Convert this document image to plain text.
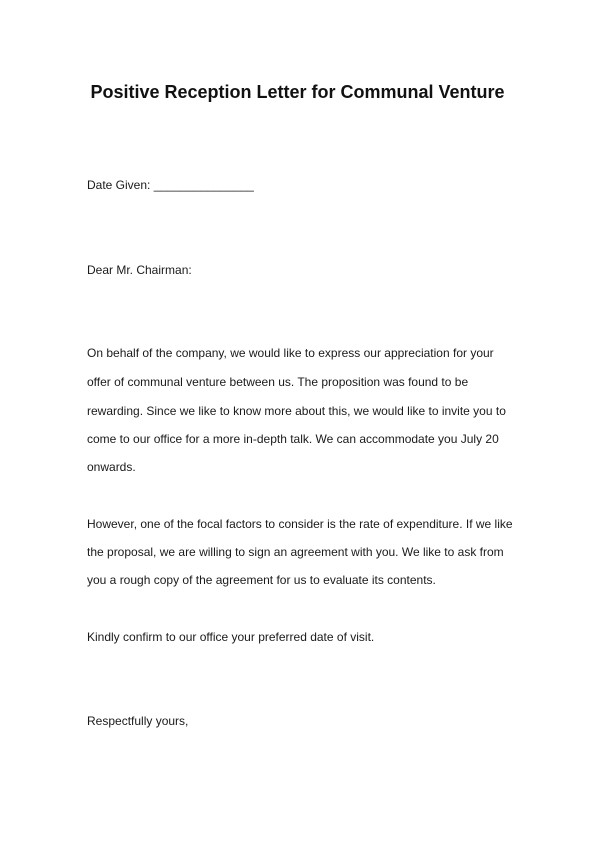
Positive Reception Letter for Communal Venture
Date Given: _______________
Dear Mr. Chairman:
On behalf of the company, we would like to express our appreciation for your
offer of communal venture between us. The proposition was found to be
rewarding. Since we like to know more about this, we would like to invite you to
come to our office for a more in-depth talk. We can accommodate you July 20
onwards.
However, one of the focal factors to consider is the rate of expenditure. If we like
the proposal, we are willing to sign an agreement with you. We like to ask from
you a rough copy of the agreement for us to evaluate its contents.
Kindly confirm to our office your preferred date of visit.
Respectfully yours,
